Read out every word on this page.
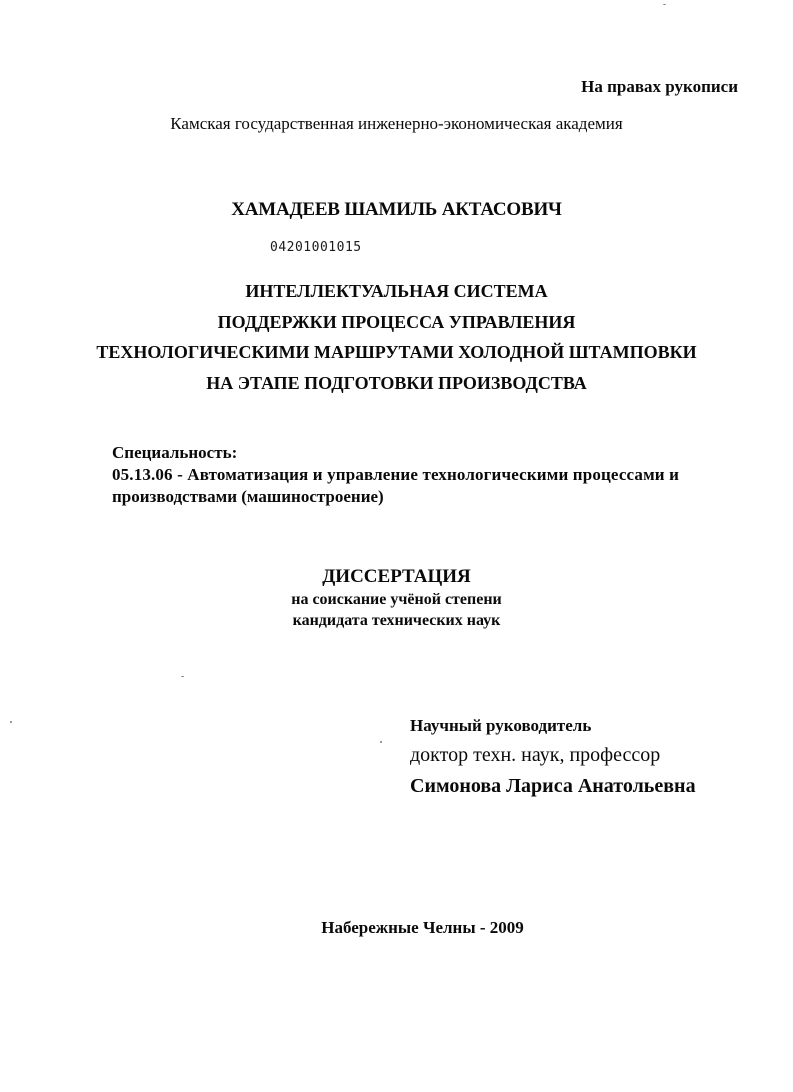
На правах рукописи
Камская государственная инженерно-экономическая академия
ХАМАДЕЕВ ШАМИЛЬ АКТАСОВИЧ
04201001015
ИНТЕЛЛЕКТУАЛЬНАЯ СИСТЕМА
ПОДДЕРЖКИ ПРОЦЕССА УПРАВЛЕНИЯ
ТЕХНОЛОГИЧЕСКИМИ МАРШРУТАМИ ХОЛОДНОЙ ШТАМПОВКИ
НА ЭТАПЕ ПОДГОТОВКИ ПРОИЗВОДСТВА
Специальность:
05.13.06 - Автоматизация и управление технологическими процессами и
производствами (машиностроение)
ДИССЕРТАЦИЯ
на соискание учёной степени
кандидата технических наук
Научный руководитель
доктор техн. наук, профессор
Симонова Лариса Анатольевна
Набережные Челны - 2009
